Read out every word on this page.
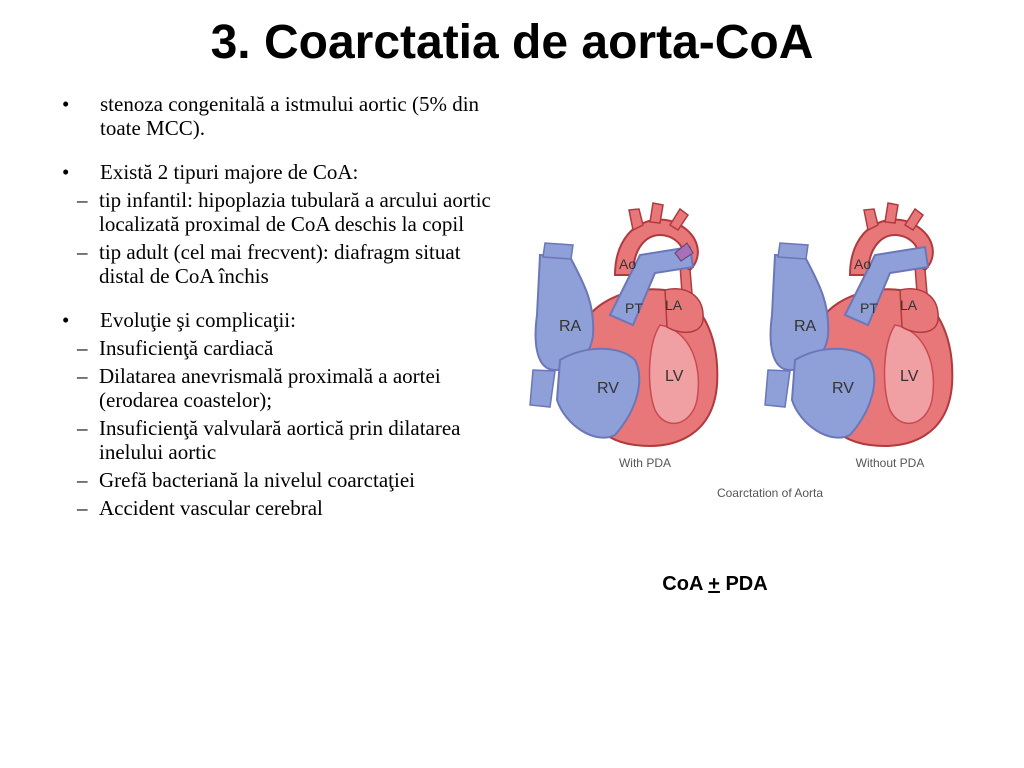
3. Coarctatia de aorta-CoA
• stenoza congenitală a istmului aortic (5% din toate MCC).
• Există 2 tipuri majore de CoA:
– tip infantil: hipoplazia tubulară a arcului aortic localizată proximal de CoA deschis la copil
– tip adult (cel mai frecvent): diafragm situat distal de CoA închis
• Evoluţie şi complicaţii:
– Insuficienţă cardiacă
– Dilatarea anevrismală proximală a aortei (erodarea coastelor);
– Insuficienţă valvulară aortică prin dilatarea inelului aortic
– Grefă bacteriană la nivelul coarctaţiei
– Accident vascular cerebral
Ao
PT LA
RA
RV
LV
With PDA
Ao
PT LA
RA
RV
LV
Without PDA
Coarctation of Aorta
CoA + PDA
